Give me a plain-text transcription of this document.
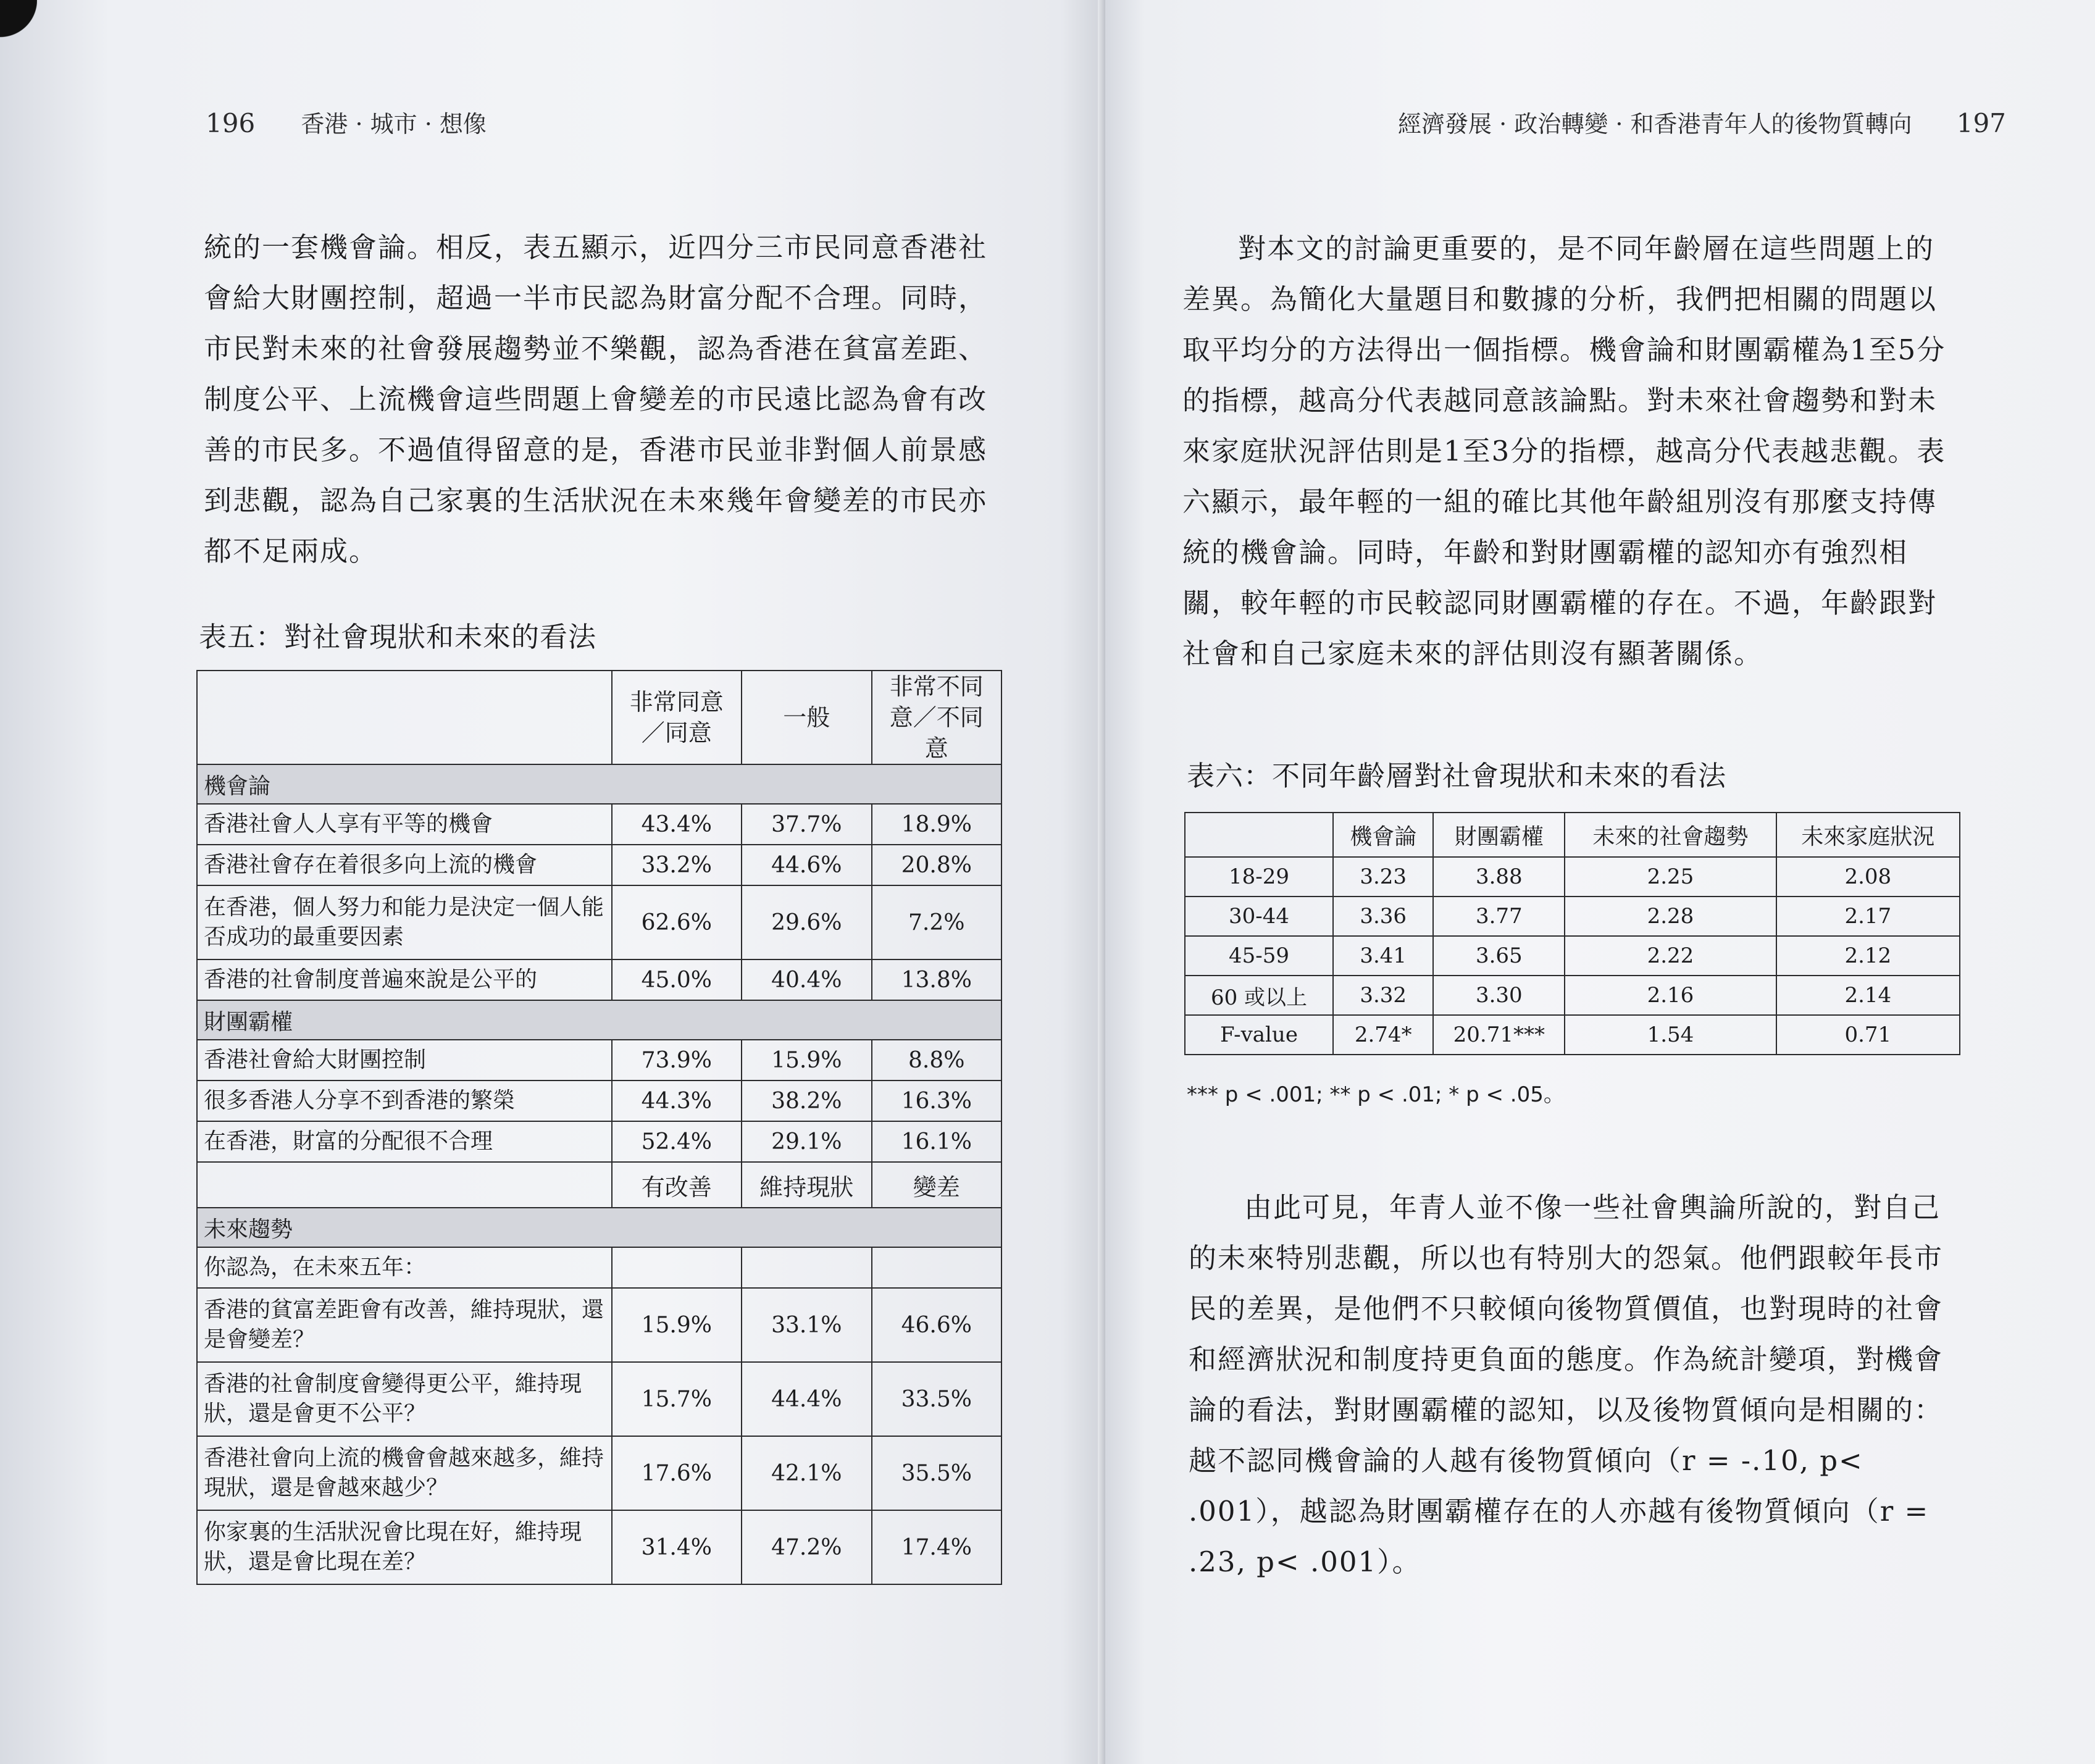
196 香港 · 城市 · 想像

統的一套機會論。相反，表五顯示，近四分三市民同意香港社

會給大財團控制，超過一半市民認為財富分配不合理。同時，

市民對未來的社會發展趨勢並不樂觀，認為香港在貧富差距、

制度公平、上流機會這些問題上會變差的市民遠比認為會有改

善的市民多。不過值得留意的是，香港市民並非對個人前景感

到悲觀，認為自己家裏的生活狀況在未來幾年會變差的市民亦

都不足兩成。

表五：對社會現狀和未來的看法
	非常同意／同意	一般	非常不同意／不同意
機會論			
香港社會人人享有平等的機會	43.4%	37.7%	18.9%
香港社會存在着很多向上流的機會	33.2%	44.6%	20.8%
在香港，個人努力和能力是決定一個人能否成功的最重要因素	62.6%	29.6%	7.2%
香港的社會制度普遍來說是公平的	45.0%	40.4%	13.8%
財團霸權			
香港社會給大財團控制	73.9%	15.9%	8.8%
很多香港人分享不到香港的繁榮	44.3%	38.2%	16.3%
在香港，財富的分配很不合理	52.4%	29.1%	16.1%
	有改善	維持現狀	變差
未來趨勢			
你認為，在未來五年：			
香港的貧富差距會有改善，維持現狀，還是會變差？	15.9%	33.1%	46.6%
香港的社會制度會變得更公平，維持現狀，還是會更不公平？	15.7%	44.4%	33.5%
香港社會向上流的機會會越來越多，維持現狀，還是會越來越少？	17.6%	42.1%	35.5%
你家裏的生活狀況會比現在好，維持現狀，還是會比現在差？	31.4%	47.2%	17.4%
經濟發展 · 政治轉變 · 和香港青年人的後物質轉向 197
對本文的討論更重要的，是不同年齡層在這些問題上的差異。為簡化大量題目和數據的分析，我們把相關的問題以取平均分的方法得出一個指標。機會論和財團霸權為1至5分的指標，越高分代表越同意該論點。對未來社會趨勢和對未來家庭狀況評估則是1至3分的指標，越高分代表越悲觀。表六顯示，最年輕的一組的確比其他年齡組別沒有那麼支持傳統的機會論。同時，年齡和對財團霸權的認知亦有強烈相關，較年輕的市民較認同財團霸權的存在。不過，年齡跟對社會和自己家庭未來的評估則沒有顯著關係。
表六：不同年齡層對社會現狀和未來的看法
	機會論	財團霸權	未來的社會趨勢	未來家庭狀況
18-29	3.23	3.88	2.25	2.08
30-44	3.36	3.77	2.28	2.17
45-59	3.41	3.65	2.22	2.12
60 或以上	3.32	3.30	2.16	2.14
F-value	2.74*	20.71***	1.54	0.71
*** p < .001; ** p < .01; * p < .05。
由此可見，年青人並不像一些社會輿論所說的，對自己的未來特別悲觀，所以也有特別大的怨氣。他們跟較年長市民的差異，是他們不只較傾向後物質價值，也對現時的社會和經濟狀況和制度持更負面的態度。作為統計變項，對機會論的看法，對財團霸權的認知，以及後物質傾向是相關的：越不認同機會論的人越有後物質傾向（r = -.10, p< .001），越認為財團霸權存在的人亦越有後物質傾向（r = .23, p< .001）。
